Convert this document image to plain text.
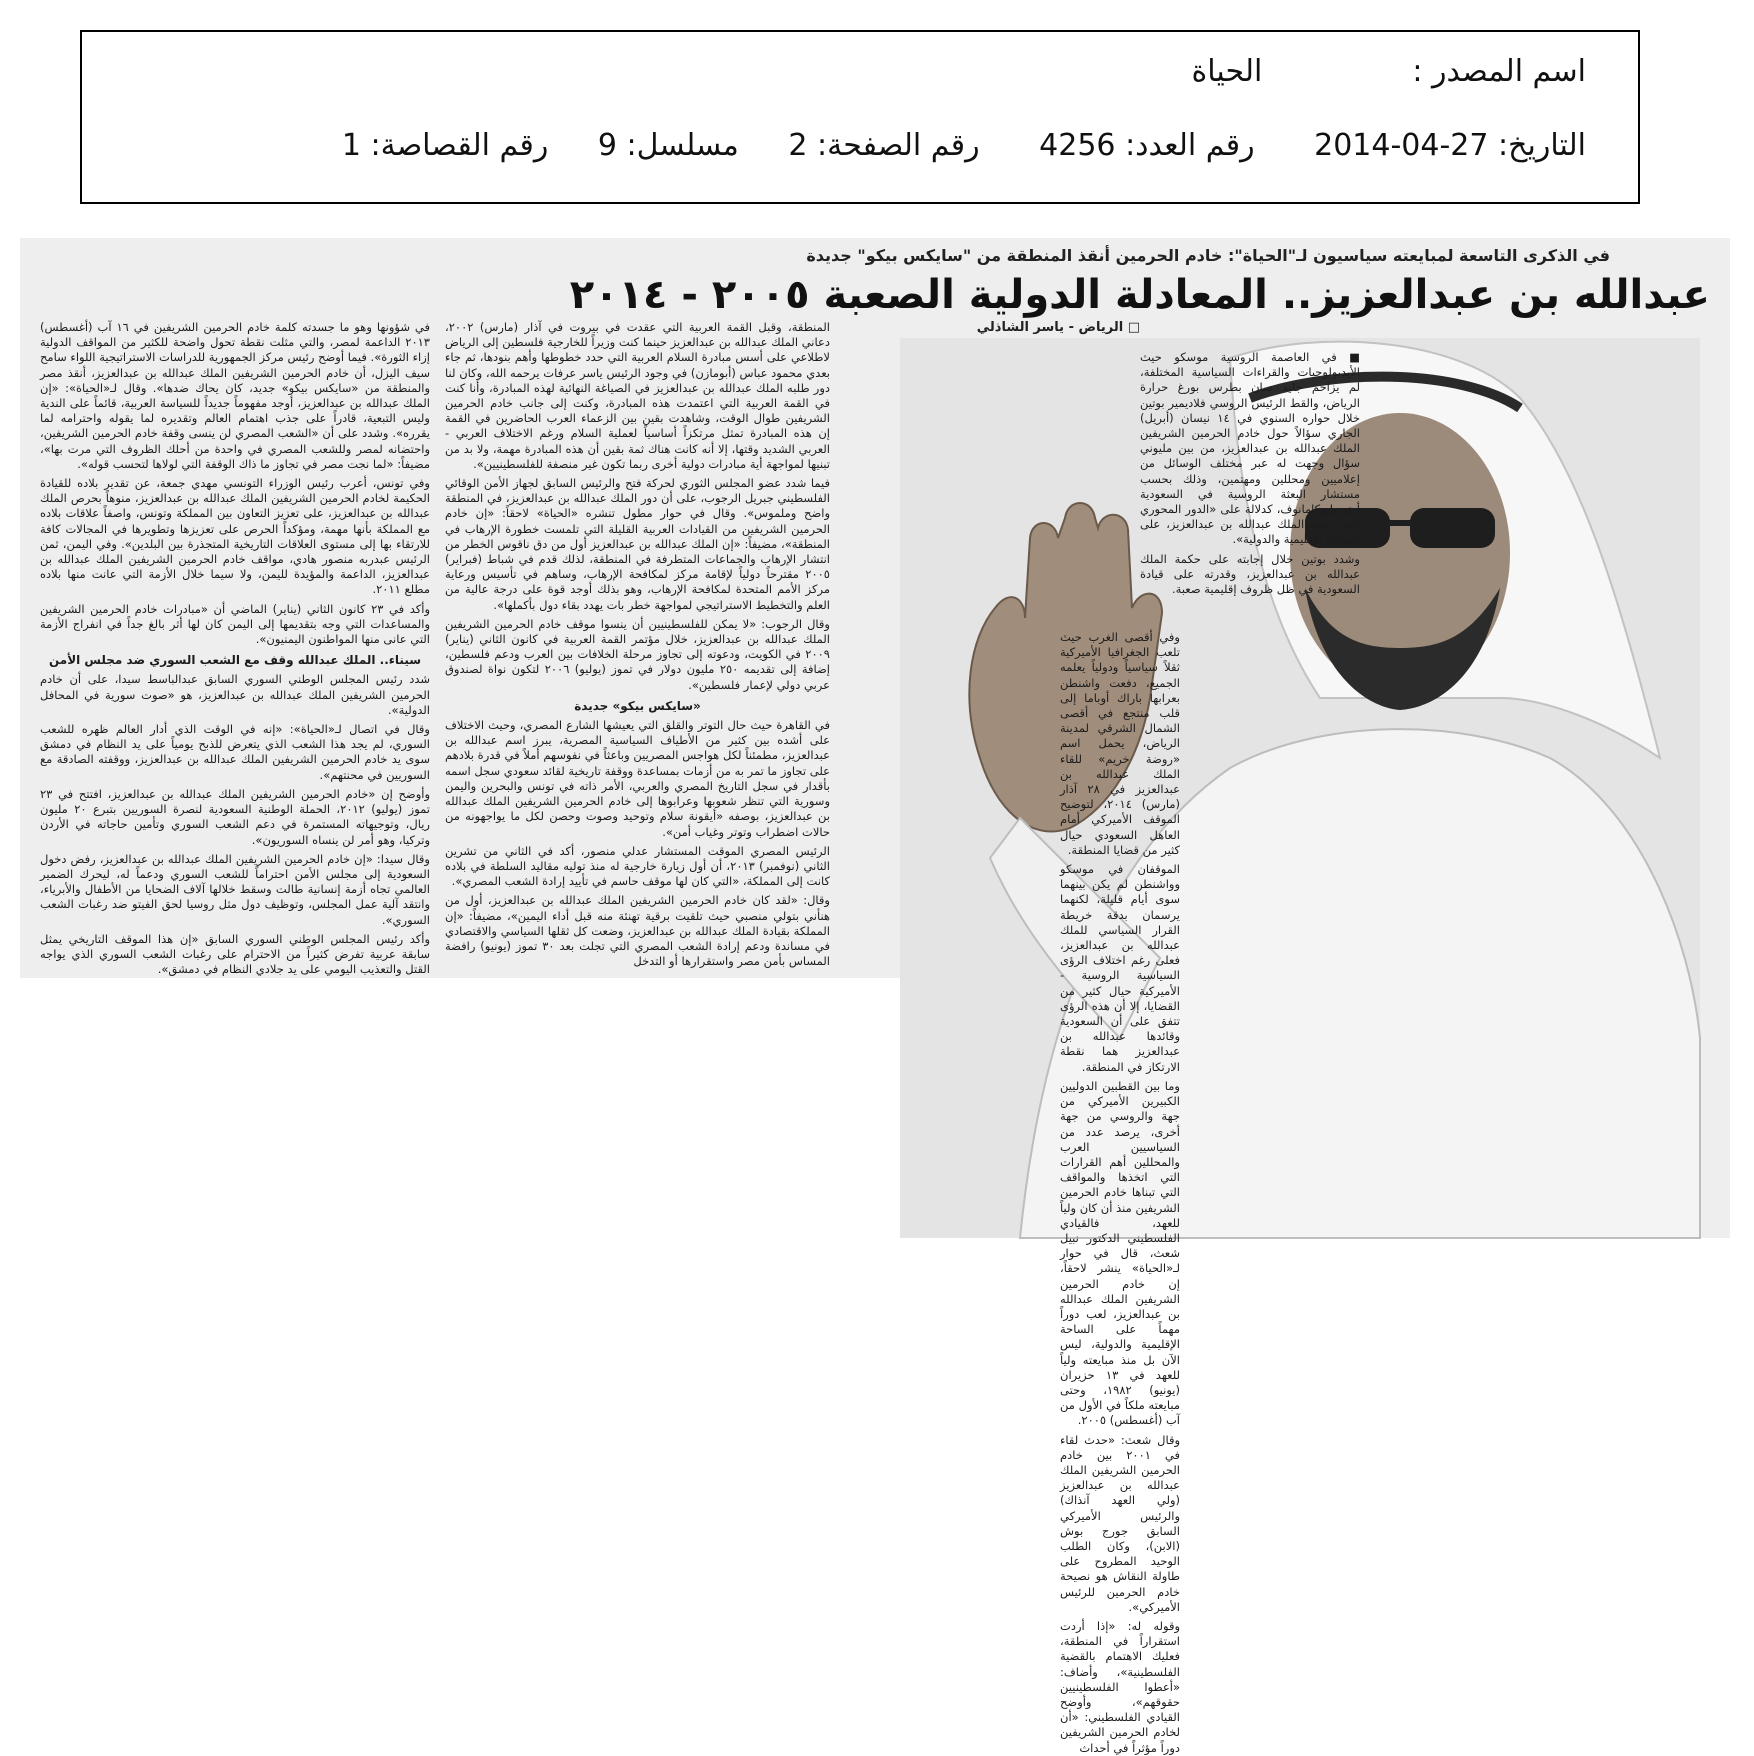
اسم المصدر :الحياة
التاريخ: 2014-04-27 رقم العدد: 4256 رقم الصفحة: 2 مسلسل: 9 رقم القصاصة: 1
في الذكرى التاسعة لمبايعته سياسيون لـ"الحياة": خادم الحرمين أنقذ المنطقة من "سايكس بيكو" جديدة
عبدالله بن عبدالعزيز.. المعادلة الدولية الصعبة ٢٠٠٥ - ٢٠١٤
□ الرياض - ياسر الشاذلي

■ في العاصمة الروسية موسكو حيث الأيديولوجيات والقراءات السياسية المختلفة، لم يزاحم جليد سان بطرس بورغ حرارة الرياض، والقط الرئيس الروسي فلاديمير بوتين خلال حواره السنوي في ١٤ نيسان (أبريل) الجاري سؤالاً حول خادم الحرمين الشريفين الملك عبدالله بن عبدالعزيز، من بين مليوني سؤال وجهت له عبر مختلف الوسائل من إعلاميين ومحللين ومهتمين، وذلك بحسب مستشار البعثة الروسية في السعودية أرتوريليوكامانوف، كدلالة على «الدور المحوري الذي يلعبه الملك عبدالله بن عبدالعزيز، على الساحة الإقليمية والدولية».

وشدد بوتين خلال إجابته على حكمة الملك عبدالله بن عبدالعزيز، وقدرته على قيادة السعودية في ظل ظروف إقليمية صعبة.

وفي أقصى الغرب حيث تلعب الجغرافيا الأميركية ثقلاً سياسياً ودولياً يعلمه الجميع، دفعت واشنطن بعرابها باراك أوباما إلى قلب منتجع في أقصى الشمال الشرقي لمدينة الرياض، يحمل اسم «روضة خريم» للقاء الملك عبدالله بن عبدالعزيز في ٢٨ آذار (مارس) ٢٠١٤، لتوضيح الموقف الأميركي أمام العاهل السعودي حيال كثير من قضايا المنطقة.

الموقفان في موسكو وواشنطن لم يكن بينهما سوى أيام قليلة، لكنهما يرسمان بدقة خريطة القرار السياسي للملك عبدالله بن عبدالعزيز، فعلى رغم اختلاف الرؤى السياسية الروسية - الأميركية حيال كثير من القضايا، إلا أن هذه الرؤى تتفق على أن السعودية وقائدها عبدالله بن عبدالعزيز هما نقطة الارتكاز في المنطقة.

وما بين القطبين الدوليين الكبيرين الأميركي من جهة والروسي من جهة أخرى، يرصد عدد من السياسيين العرب والمحللين أهم القرارات التي اتخذها والمواقف التي تبناها خادم الحرمين الشريفين منذ أن كان ولياً للعهد، فالقيادي الفلسطيني الدكتور نبيل شعث، قال في حوار لـ«الحياة» ينشر لاحقاً، إن خادم الحرمين الشريفين الملك عبدالله بن عبدالعزيز، لعب دوراً مهماً على الساحة الإقليمية والدولية، ليس الآن بل منذ مبايعته ولياً للعهد في ١٣ حزيران (يونيو) ١٩٨٢، وحتى مبايعته ملكاً في الأول من آب (أغسطس) ٢٠٠٥.

وقال شعث: «حدث لقاء في ٢٠٠١ بين خادم الحرمين الشريفين الملك عبدالله بن عبدالعزيز (ولي العهد آنذاك) والرئيس الأميركي السابق جورج بوش (الابن)، وكان الطلب الوحيد المطروح على طاولة النقاش هو نصيحة خادم الحرمين للرئيس الأميركي».

وقوله له: «إذا أردت استقراراً في المنطقة، فعليك الاهتمام بالقضية الفلسطينية»، وأضاف: «أعطوا الفلسطينيين حقوقهم»، وأوضح القيادي الفلسطيني: «أن لخادم الحرمين الشريفين دوراً مؤثراً في أحداث

المنطقة، وقبل القمة العربية التي عقدت في بيروت في آذار (مارس) ٢٠٠٢، دعاني الملك عبدالله بن عبدالعزيز حينما كنت وزيراً للخارجية فلسطين إلى الرياض لاطلاعي على أسس مبادرة السلام العربية التي حدد خطوطها وأهم بنودها، ثم جاء بعدي محمود عباس (أبومازن) في وجود الرئيس ياسر عرفات يرحمه الله، وكان لنا دور طلبه الملك عبدالله بن عبدالعزيز في الصياغة النهائية لهذه المبادرة، وأنا كنت في القمة العربية التي اعتمدت هذه المبادرة، وكنت إلى جانب خادم الحرمين الشريفين طوال الوقت، وشاهدت بقين بين الزعماء العرب الحاضرين في القمة إن هذه المبادرة تمثل مرتكزاً أساسياً لعملية السلام ورغم الاختلاف العربي - العربي الشديد وقتها، إلا أنه كانت هناك ثمة بقين أن هذه المبادرة مهمة، ولا بد من تبنيها لمواجهة أية مبادرات دولية أخرى ربما تكون غير منصفة للفلسطينيين».

فيما شدد عضو المجلس الثوري لحركة فتح والرئيس السابق لجهاز الأمن الوقائي الفلسطيني جبريل الرجوب، على أن دور الملك عبدالله بن عبدالعزيز، في المنطقة واضح وملموس». وقال في حوار مطول تنشره «الحياة» لاحقاً: «إن خادم الحرمين الشريفين من القيادات العربية القليلة التي تلمست خطورة الإرهاب في المنطقة»، مضيفاً: «إن الملك عبدالله بن عبدالعزيز أول من دق ناقوس الخطر من انتشار الإرهاب والجماعات المتطرفة في المنطقة، لذلك قدم في شباط (فبراير) ٢٠٠٥ مقترحاً دولياً لإقامة مركز لمكافحة الإرهاب، وساهم في تأسيس ورعاية مركز الأمم المتحدة لمكافحة الإرهاب، وهو بذلك أوجد قوة على درجة عالية من العلم والتخطيط الاستراتيجي لمواجهة خطر بات يهدد بقاء دول بأكملها».

وقال الرجوب: «لا يمكن للفلسطينيين أن ينسوا موقف خادم الحرمين الشريفين الملك عبدالله بن عبدالعزيز، خلال مؤتمر القمة العربية في كانون الثاني (يناير) ٢٠٠٩ في الكويت، ودعوته إلى تجاوز مرحلة الخلافات بين العرب ودعم فلسطين، إضافة إلى تقديمه ٢٥٠ مليون دولار في تموز (يوليو) ٢٠٠٦ لتكون نواة لصندوق عربي دولي لإعمار فلسطين».

«سايكس بيكو» جديدة

في القاهرة حيث حال التوتر والقلق التي يعيشها الشارع المصري، وحيث الاختلاف على أشده بين كثير من الأطياف السياسية المصرية، يبرز اسم عبدالله بن عبدالعزيز، مطمئناً لكل هواجس المصريين وباعثاً في نفوسهم أملاً في قدرة بلادهم على تجاوز ما تمر به من أزمات بمساعدة ووقفة تاريخية لقائد سعودي سجل اسمه بأقدار في سجل التاريخ المصري والعربي، الأمر ذاته في تونس والبحرين واليمن وسورية التي تنظر شعوبها وعرابوها إلى خادم الحرمين الشريفين الملك عبدالله بن عبدالعزيز، بوصفه «أيقونة سلام وتوحيد وصوت وحصن لكل ما يواجهونه من حالات اضطراب وتوتر وغياب أمن».

الرئيس المصري الموقت المستشار عدلي منصور، أكد في الثاني من تشرين الثاني (نوفمبر) ٢٠١٣، أن أول زيارة خارجية له منذ توليه مقاليد السلطة في بلاده كانت إلى المملكة، «التي كان لها موقف حاسم في تأييد إرادة الشعب المصري».

وقال: «لقد كان خادم الحرمين الشريفين الملك عبدالله بن عبدالعزيز، أول من هنأني بتولي منصبي حيث تلقيت برقية تهنئة منه قبل أداء اليمين»، مضيفاً: «إن المملكة بقيادة الملك عبدالله بن عبدالعزيز، وضعت كل ثقلها السياسي والاقتصادي في مساندة ودعم إرادة الشعب المصري التي تجلت بعد ٣٠ تموز (يونيو) رافضة المساس بأمن مصر واستقرارها أو التدخل

في شؤونها وهو ما جسدته كلمة خادم الحرمين الشريفين في ١٦ آب (أغسطس) ٢٠١٣ الداعمة لمصر، والتي مثلت نقطة تحول واضحة للكثير من المواقف الدولية إزاء الثورة». فيما أوضح رئيس مركز الجمهورية للدراسات الاستراتيجية اللواء سامح سيف اليزل، أن خادم الحرمين الشريفين الملك عبدالله بن عبدالعزيز، أنقذ مصر والمنطقة من «سايكس بيكو» جديد، كان يحاك ضدها». وقال لـ«الحياة»: «إن الملك عبدالله بن عبدالعزيز، أوجد مفهوماً جديداً للسياسة العربية، قائماً على الندية وليس التبعية، قادراً على جذب اهتمام العالم وتقديره لما يقوله واحترامه لما يقرره». وشدد على أن «الشعب المصري لن ينسى وقفة خادم الحرمين الشريفين، واحتضانه لمصر وللشعب المصري في واحدة من أحلك الظروف التي مرت بها»، مضيفاً: «لما نجت مصر في تجاوز ما ذاك الوقفة التي لولاها لتحسب قوله».

وفي تونس، أعرب رئيس الوزراء التونسي مهدي جمعة، عن تقدير بلاده للقيادة الحكيمة لخادم الحرمين الشريفين الملك عبدالله بن عبدالعزيز، منوهاً بحرص الملك عبدالله بن عبدالعزيز، على تعزيز التعاون بين المملكة وتونس، واصفاً علاقات بلاده مع المملكة بأنها مهمة، ومؤكداً الحرص على تعزيزها وتطويرها في المجالات كافة للارتقاء بها إلى مستوى العلاقات التاريخية المتجذرة بين البلدين». وفي اليمن، ثمن الرئيس عبدربه منصور هادي، مواقف خادم الحرمين الشريفين الملك عبدالله بن عبدالعزيز، الداعمة والمؤيدة لليمن، ولا سيما خلال الأزمة التي عانت منها بلاده مطلع ٢٠١١.

وأكد في ٢٣ كانون الثاني (يناير) الماضي أن «مبادرات خادم الحرمين الشريفين والمساعدات التي وجه بتقديمها إلى اليمن كان لها أثر بالغ جداً في انفراج الأزمة التي عانى منها المواطنون اليمنيون».

سيناء.. الملك عبدالله وقف مع الشعب السوري ضد مجلس الأمن

شدد رئيس المجلس الوطني السوري السابق عبدالباسط سيدا، على أن خادم الحرمين الشريفين الملك عبدالله بن عبدالعزيز، هو «صوت سورية في المحافل الدولية».

وقال في اتصال لـ«الحياة»: «إنه في الوقت الذي أدار العالم ظهره للشعب السوري، لم يجد هذا الشعب الذي يتعرض للذبح يومياً على يد النظام في دمشق سوى يد خادم الحرمين الشريفين الملك عبدالله بن عبدالعزيز، ووقفته الصادقة مع السوريين في محنتهم».

وأوضح إن «خادم الحرمين الشريفين الملك عبدالله بن عبدالعزيز، افتتح في ٢٣ تموز (يوليو) ٢٠١٢، الحملة الوطنية السعودية لنصرة السوريين بتبرع ٢٠ مليون ريال، وتوجيهاته المستمرة في دعم الشعب السوري وتأمين حاجاته في الأردن وتركيا، وهو أمر لن ينساه السوريون».

وقال سيدا: «إن خادم الحرمين الشريفين الملك عبدالله بن عبدالعزيز، رفض دخول السعودية إلى مجلس الأمن احتراماً للشعب السوري ودعماً له، ليحرك الضمير العالمي تجاه أزمة إنسانية طالت وسقط خلالها آلاف الضحايا من الأطفال والأبرياء، وانتقد آلية عمل المجلس، وتوظيف دول مثل روسيا لحق الفيتو ضد رغبات الشعب السوري».

وأكد رئيس المجلس الوطني السوري السابق «إن هذا الموقف التاريخي يمثل سابقة عربية تفرض كثيراً من الاحترام على رغبات الشعب السوري الذي يواجه القتل والتعذيب اليومي على يد جلادي النظام في دمشق».
